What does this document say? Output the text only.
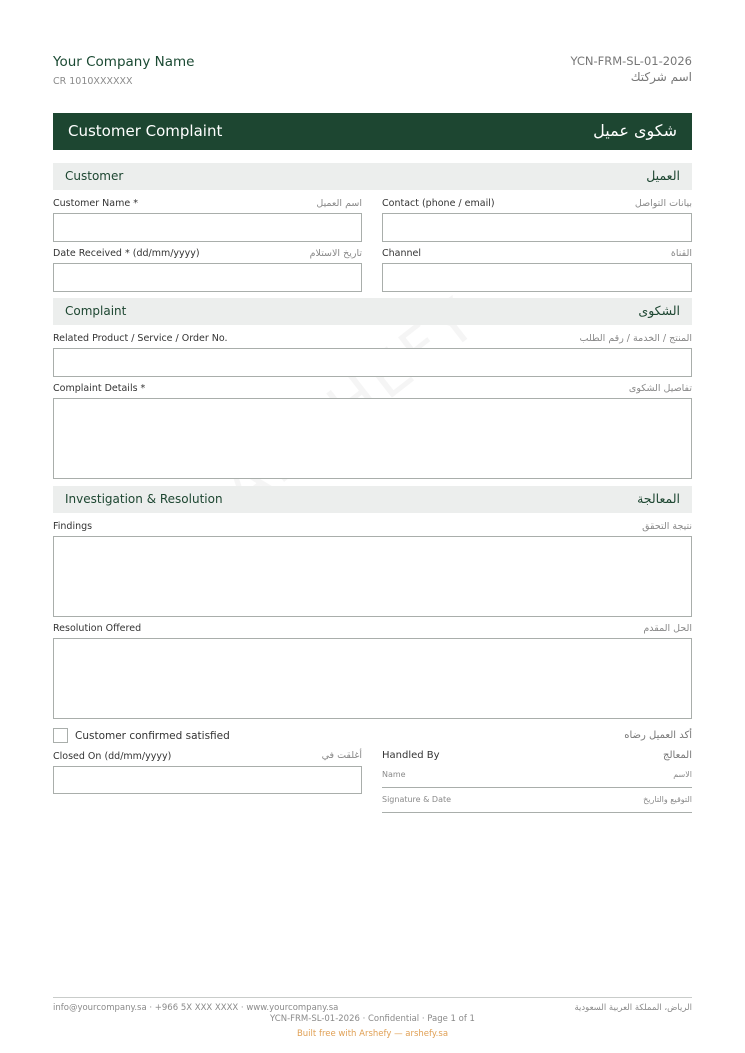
Your Company Name
CR 1010XXXXXX
YCN-FRM-SL-01-2026
اسم شركتك
Customer Complaint	شكوى عميل
Customer	العميل
Customer Name *	اسم العميل Contact (phone / email)	بيانات التواصل
Date Received * (dd/mm/yyyy)	تاريخ الاستلام Channel	القناة
Complaint	الشكوى
Related Product / Service / Order No.	المنتج / الخدمة / رقم الطلب
Complaint Details *	تفاصيل الشكوى
Investigation & Resolution	المعالجة
Findings	نتيجة التحقق
Resolution Offered	الحل المقدم
Customer confirmed satisfied	أكد العميل رضاه
Closed On (dd/mm/yyyy)	أغلقت في Handled By	المعالج
Name	الاسم
Signature & Date	التوقيع والتاريخ
info@yourcompany.sa · +966 5X XXX XXXX · www.yourcompany.sa	الرياض، المملكة العربية السعودية
YCN-FRM-SL-01-2026 · Confidential · Page 1 of 1
Built free with Arshefy — arshefy.sa
